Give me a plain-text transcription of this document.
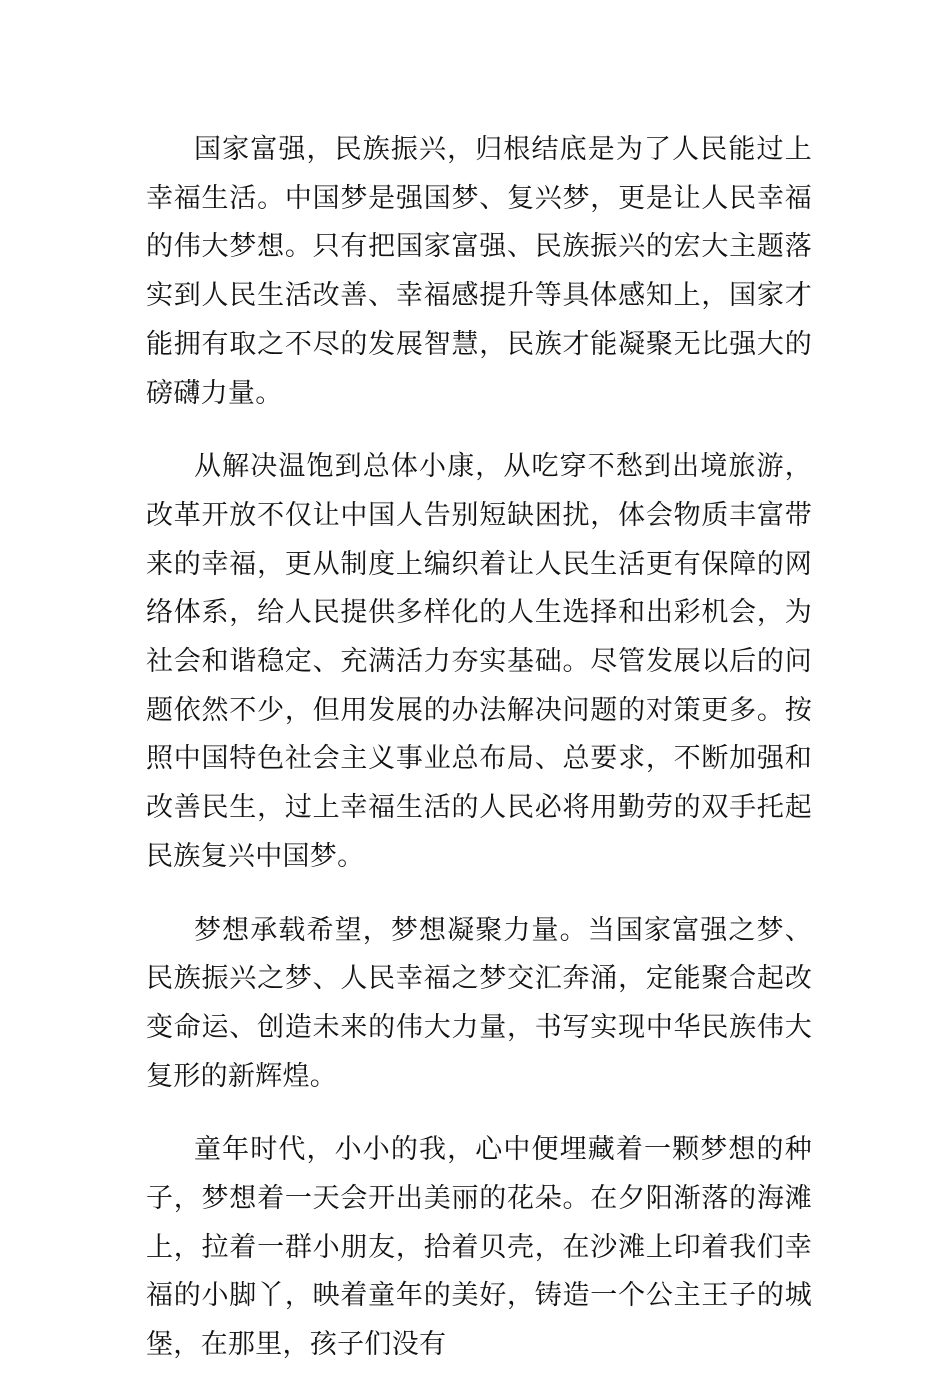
国家富强，民族振兴，归根结底是为了人民能过上幸福生活。中国梦是强国梦、复兴梦，更是让人民幸福的伟大梦想。只有把国家富强、民族振兴的宏大主题落实到人民生活改善、幸福感提升等具体感知上，国家才能拥有取之不尽的发展智慧，民族才能凝聚无比强大的磅礴力量。

从解决温饱到总体小康，从吃穿不愁到出境旅游，改革开放不仅让中国人告别短缺困扰，体会物质丰富带来的幸福，更从制度上编织着让人民生活更有保障的网络体系，给人民提供多样化的人生选择和出彩机会，为社会和谐稳定、充满活力夯实基础。尽管发展以后的问题依然不少，但用发展的办法解决问题的对策更多。按照中国特色社会主义事业总布局、总要求，不断加强和改善民生，过上幸福生活的人民必将用勤劳的双手托起民族复兴中国梦。

梦想承载希望，梦想凝聚力量。当国家富强之梦、民族振兴之梦、人民幸福之梦交汇奔涌，定能聚合起改变命运、创造未来的伟大力量，书写实现中华民族伟大复形的新辉煌。

童年时代，小小的我，心中便埋藏着一颗梦想的种子，梦想着一天会开出美丽的花朵。在夕阳渐落的海滩上，拉着一群小朋友，拾着贝壳，在沙滩上印着我们幸福的小脚丫，映着童年的美好，铸造一个公主王子的城堡，在那里，孩子们没有
